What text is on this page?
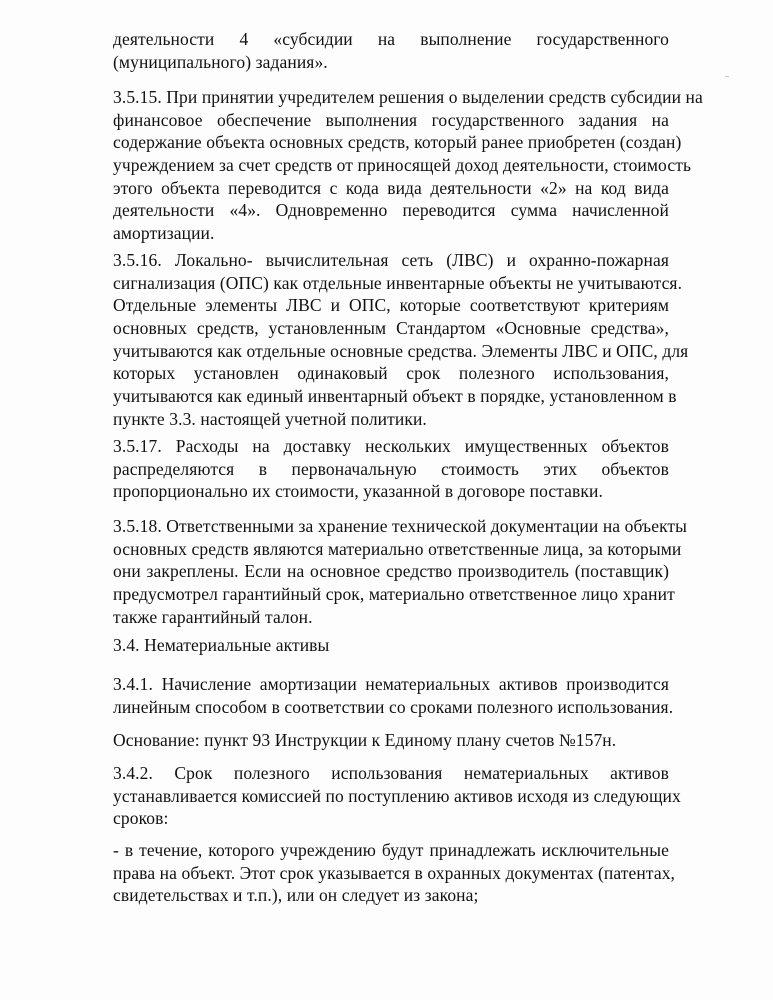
деятельности 4 «субсидии на выполнение государственного
(муниципального) задания».
3.5.15. При принятии учредителем решения о выделении средств субсидии на
финансовое обеспечение выполнения государственного задания на
содержание объекта основных средств, который ранее приобретен (создан)
учреждением за счет средств от приносящей доход деятельности, стоимость
этого объекта переводится с кода вида деятельности «2» на код вида
деятельности «4». Одновременно переводится сумма начисленной
амортизации.
3.5.16. Локально- вычислительная сеть (ЛВС) и охранно-пожарная
сигнализация (ОПС) как отдельные инвентарные объекты не учитываются.
Отдельные элементы ЛВС и ОПС, которые соответствуют критериям
основных средств, установленным Стандартом «Основные средства»,
учитываются как отдельные основные средства. Элементы ЛВС и ОПС, для
которых установлен одинаковый срок полезного использования,
учитываются как единый инвентарный объект в порядке, установленном в
пункте 3.3. настоящей учетной политики.
3.5.17. Расходы на доставку нескольких имущественных объектов
распределяются в первоначальную стоимость этих объектов
пропорционально их стоимости, указанной в договоре поставки.
3.5.18. Ответственными за хранение технической документации на объекты
основных средств являются материально ответственные лица, за которыми
они закреплены. Если на основное средство производитель (поставщик)
предусмотрел гарантийный срок, материально ответственное лицо хранит
также гарантийный талон.
3.4. Нематериальные активы
3.4.1. Начисление амортизации нематериальных активов производится
линейным способом в соответствии со сроками полезного использования.
Основание: пункт 93 Инструкции к Единому плану счетов №157н.
3.4.2. Срок полезного использования нематериальных активов
устанавливается комиссией по поступлению активов исходя из следующих
сроков:
- в течение, которого учреждению будут принадлежать исключительные
права на объект. Этот срок указывается в охранных документах (патентах,
свидетельствах и т.п.), или он следует из закона;
